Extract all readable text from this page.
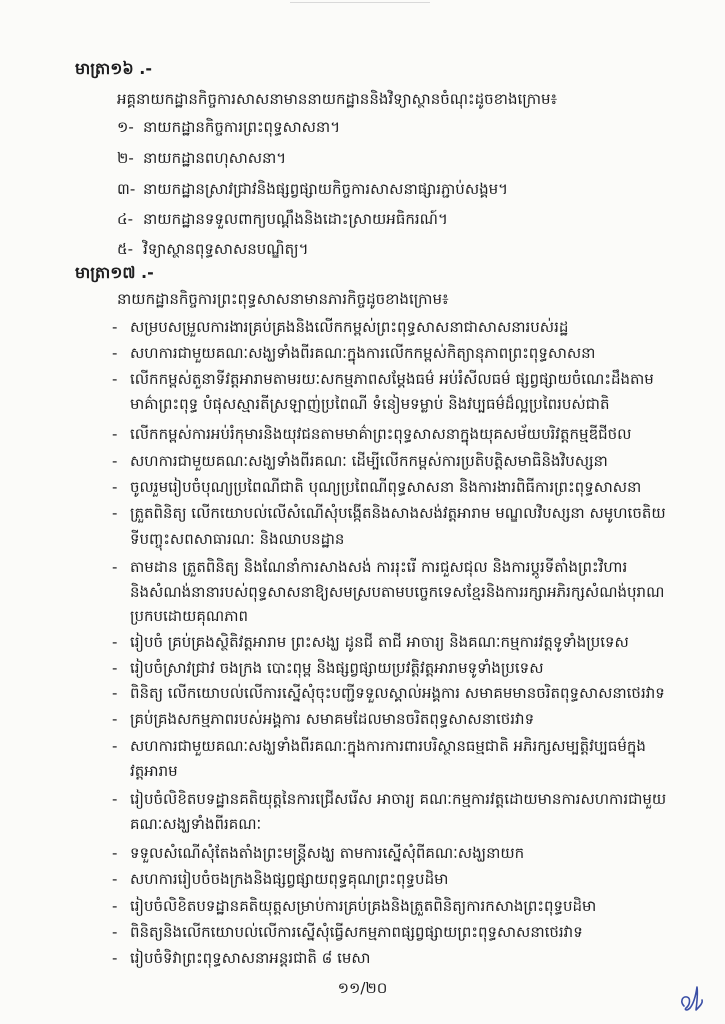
មាត្រា១៦ .-
អគ្គនាយកដ្ឋានកិច្ចការសាសនាមាននាយកដ្ឋាននិងវិទ្យាស្ថានចំណុះដូចខាងក្រោម៖
១- នាយកដ្ឋានកិច្ចការព្រះពុទ្ធសាសនា។
២- នាយកដ្ឋានពហុសាសនា។
៣- នាយកដ្ឋានស្រាវជ្រាវនិងផ្សព្វផ្សាយកិច្ចការសាសនាផ្សារភ្ជាប់សង្គម។
៤- នាយកដ្ឋានទទួលពាក្យបណ្ដឹងនិងដោះស្រាយអធិករណ៍។
៥- វិទ្យាស្ថានពុទ្ធសាសនបណ្ឌិត្យ។
មាត្រា១៧ .-
នាយកដ្ឋានកិច្ចការព្រះពុទ្ធសាសនាមានភារកិច្ចដូចខាងក្រោម៖
- សម្របសម្រួលការងារគ្រប់គ្រងនិងលើកកម្ពស់ព្រះពុទ្ធសាសនាជាសាសនារបស់រដ្ឋ
- សហការជាមួយគណៈសង្ឃទាំងពីរគណៈក្នុងការលើកកម្ពស់កិត្យានុភាពព្រះពុទ្ធសាសនា
- លើកកម្ពស់តួនាទីវត្តអារាមតាមរយៈសកម្មភាពសម្ដែងធម៌ អប់រំសីលធម៌ ផ្សព្វផ្សាយចំណេះដឹងតាម
មាគ៌ាព្រះពុទ្ធ បំផុសស្មារតីស្រឡាញ់ប្រពៃណី ទំនៀមទម្លាប់ និងវប្បធម៌ដ៏ល្អប្រពៃរបស់ជាតិ
- លើកកម្ពស់ការអប់រំកុមារនិងយុវជនតាមមាគ៌ាព្រះពុទ្ធសាសនាក្នុងយុគសម័យបរិវត្តកម្មឌីជីថល
- សហការជាមួយគណៈសង្ឃទាំងពីរគណៈ ដើម្បីលើកកម្ពស់ការប្រតិបត្តិសមាធិនិងវិបស្សនា
- ចូលរួមរៀបចំបុណ្យប្រពៃណីជាតិ បុណ្យប្រពៃណីពុទ្ធសាសនា និងការងារពិធីការព្រះពុទ្ធសាសនា
- ត្រួតពិនិត្យ លើកយោបល់លើសំណើសុំបង្កើតនិងសាងសង់វត្តអារាម មណ្ឌលវិបស្សនា សមូហចេតិយ
ទីបញ្ចុះសពសាធារណៈ និងឈាបនដ្ឋាន
- តាមដាន ត្រួតពិនិត្យ និងណែនាំការសាងសង់ ការរុះរើ ការជួសជុល និងការប្ដូរទីតាំងព្រះវិហារ
និងសំណង់នានារបស់ពុទ្ធសាសនាឱ្យសមស្របតាមបច្ចេកទេសខ្មែរនិងការរក្សាអភិរក្សសំណង់បុរាណ
ប្រកបដោយគុណភាព
- រៀបចំ គ្រប់គ្រងស្ថិតិវត្តអារាម ព្រះសង្ឃ ដូនជី តាជី អាចារ្យ និងគណៈកម្មការវត្តទូទាំងប្រទេស
- រៀបចំស្រាវជ្រាវ ចងក្រង បោះពុម្ព និងផ្សព្វផ្សាយប្រវត្តិវត្តអារាមទូទាំងប្រទេស
- ពិនិត្យ លើកយោបល់លើការស្នើសុំចុះបញ្ជីទទួលស្គាល់អង្គការ សមាគមមានចរិតពុទ្ធសាសនាថេរវាទ
- គ្រប់គ្រងសកម្មភាពរបស់អង្គការ សមាគមដែលមានចរិតពុទ្ធសាសនាថេរវាទ
- សហការជាមួយគណៈសង្ឃទាំងពីរគណៈក្នុងការការពារបរិស្ថានធម្មជាតិ អភិរក្សសម្បត្តិវប្បធម៌ក្នុង
វត្តអារាម
- រៀបចំលិខិតបទដ្ឋានគតិយុត្តនៃការជ្រើសរើស អាចារ្យ គណៈកម្មការវត្តដោយមានការសហការជាមួយ
គណៈសង្ឃទាំងពីរគណៈ
- ទទួលសំណើសុំតែងតាំងព្រះមន្ត្រីសង្ឃ តាមការស្នើសុំពីគណៈសង្ឃនាយក
- សហការរៀបចំចងក្រងនិងផ្សព្វផ្សាយពុទ្ធគុណព្រះពុទ្ធបដិមា
- រៀបចំលិខិតបទដ្ឋានគតិយុត្តសម្រាប់ការគ្រប់គ្រងនិងត្រួតពិនិត្យការកសាងព្រះពុទ្ធបដិមា
- ពិនិត្យនិងលើកយោបល់លើការស្នើសុំធ្វើសកម្មភាពផ្សព្វផ្សាយព្រះពុទ្ធសាសនាថេរវាទ
- រៀបចំទិវាព្រះពុទ្ធសាសនាអន្តរជាតិ ៨ មេសា
១១/២០
